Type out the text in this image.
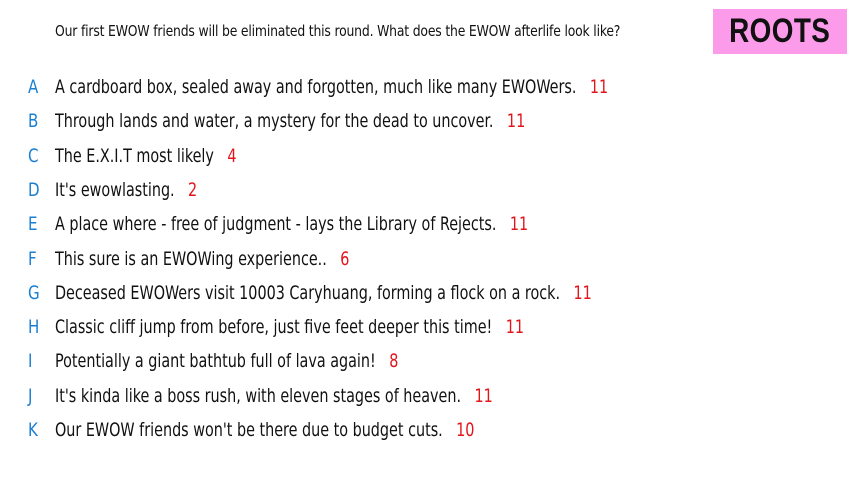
Our first EWOW friends will be eliminated this round. What does the EWOW afterlife look like?	ROOTS
A A cardboard box, sealed away and forgotten, much like many EWOWers. 11
B Through lands and water, a mystery for the dead to uncover. 11
C The E.X.I.T most likely 4
D It's ewowlasting. 2
E A place where - free of judgment - lays the Library of Rejects. 11
F This sure is an EWOWing experience.. 6
G Deceased EWOWers visit 10003 Caryhuang, forming a flock on a rock. 11
H Classic cliff jump from before, just five feet deeper this time! 11
I	Potentially a giant bathtub full of lava again! 8
J	It's kinda like a boss rush, with eleven stages of heaven. 11
K Our EWOW friends won't be there due to budget cuts. 10
